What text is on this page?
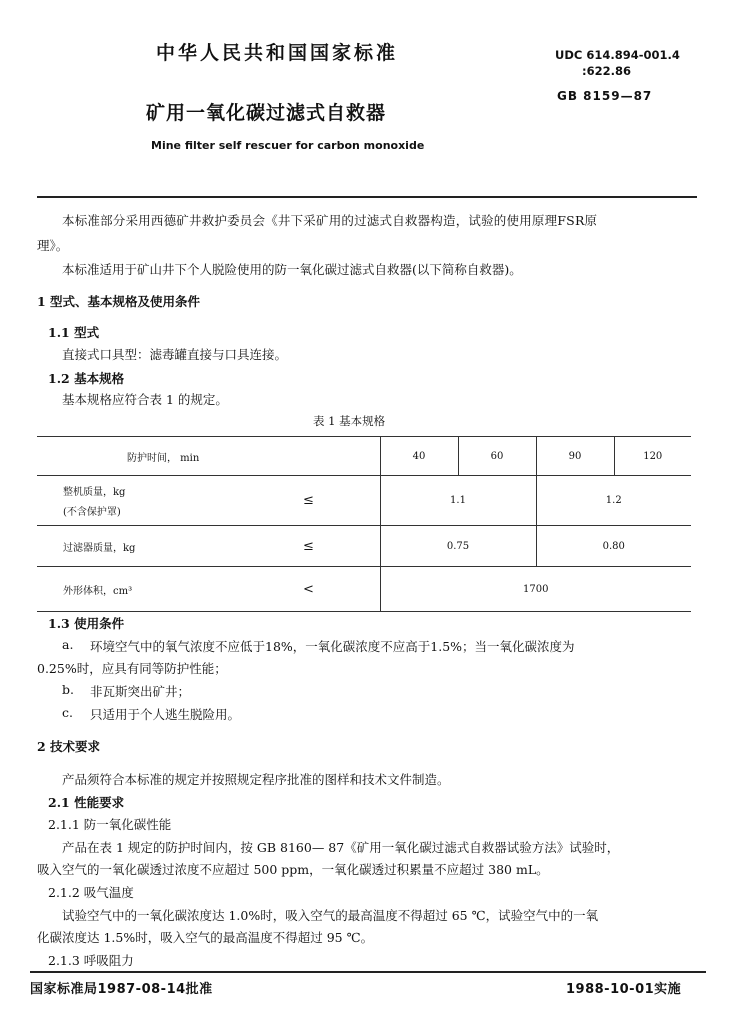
中华人民共和国国家标准	UDC 614.894-001.4
:622.86
GB 8159—87
矿用一氧化碳过滤式自救器
Mine filter self rescuer for carbon monoxide
本标准部分采用西德矿井救护委员会《井下采矿用的过滤式自救器构造，试验的使用原理FSR原
理》。
本标准适用于矿山井下个人脱险使用的防一氧化碳过滤式自救器(以下简称自救器)。
1 型式、基本规格及使用条件
1.1 型式
直接式口具型：滤毒罐直接与口具连接。
1.2 基本规格
基本规格应符合表 1 的规定。
表 1 基本规格
防护时间， min		40	60	90	120

整机质量，kg
(不含保护罩)	≤	1.1		1.2	
过滤器质量，kg	≤	0.75		0.80	
外形体积，cm³	<	1700			
1.3 使用条件
a. 环境空气中的氧气浓度不应低于18%，一氧化碳浓度不应高于1.5%；当一氧化碳浓度为
0.25%时，应具有同等防护性能；
b. 非瓦斯突出矿井；
c. 只适用于个人逃生脱险用。
2 技术要求
产品须符合本标准的规定并按照规定程序批准的图样和技术文件制造。
2.1 性能要求
2.1.1 防一氧化碳性能
产品在表 1 规定的防护时间内，按 GB 8160— 87《矿用一氧化碳过滤式自救器试验方法》试验时，
吸入空气的一氧化碳透过浓度不应超过 500 ppm，一氧化碳透过积累量不应超过 380 mL。
2.1.2 吸气温度
试验空气中的一氧化碳浓度达 1.0%时，吸入空气的最高温度不得超过 65 ℃，试验空气中的一氧
化碳浓度达 1.5%时，吸入空气的最高温度不得超过 95 ℃。
2.1.3 呼吸阻力
国家标准局1987-08-14批准	1988-10-01实施
